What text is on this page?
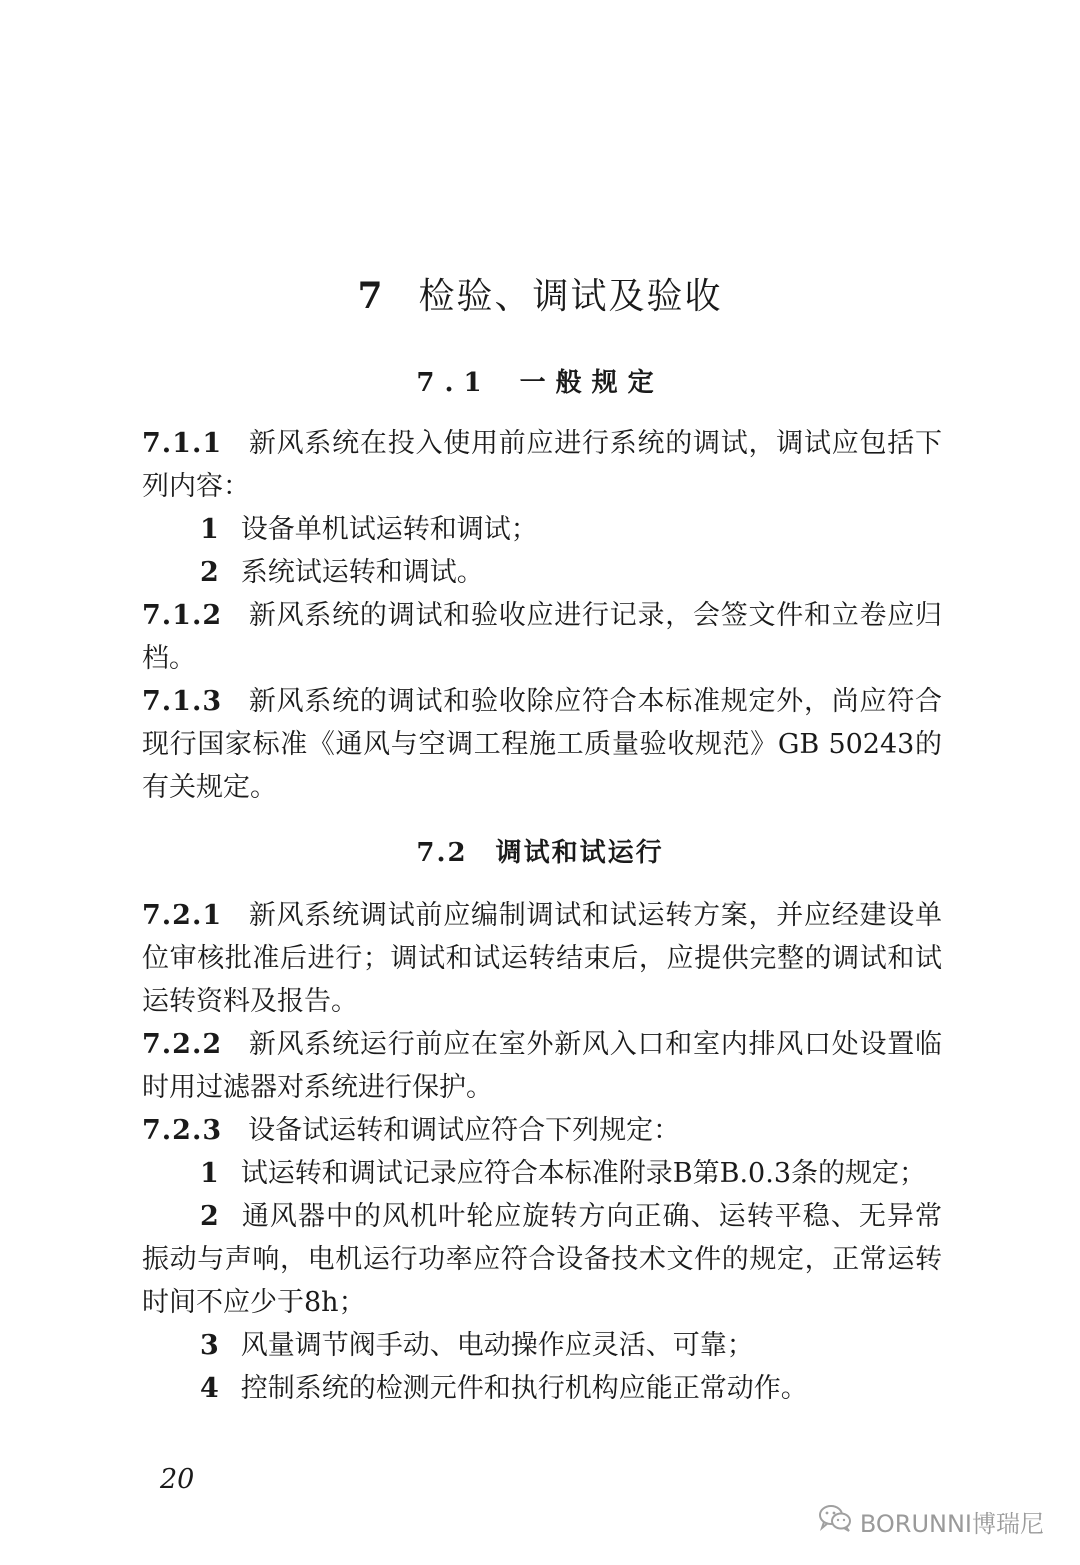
7 检验、调试及验收
7.1 一般规定
7.1.1 新风系统在投入使用前应进行系统的调试，调试应包括下列内容：
1 设备单机试运转和调试；
2 系统试运转和调试。
7.1.2 新风系统的调试和验收应进行记录，会签文件和立卷应归档。
7.1.3 新风系统的调试和验收除应符合本标准规定外，尚应符合现行国家标准《通风与空调工程施工质量验收规范》GB 50243的有关规定。
7.2 调试和试运行
7.2.1 新风系统调试前应编制调试和试运转方案，并应经建设单位审核批准后进行；调试和试运转结束后，应提供完整的调试和试运转资料及报告。
7.2.2 新风系统运行前应在室外新风入口和室内排风口处设置临时用过滤器对系统进行保护。
7.2.3 设备试运转和调试应符合下列规定：
1 试运转和调试记录应符合本标准附录B第B.0.3条的规定；
2 通风器中的风机叶轮应旋转方向正确、运转平稳、无异常振动与声响，电机运行功率应符合设备技术文件的规定，正常运转时间不应少于8h；
3 风量调节阀手动、电动操作应灵活、可靠；
4 控制系统的检测元件和执行机构应能正常动作。
20
BORUNNI博瑞尼
